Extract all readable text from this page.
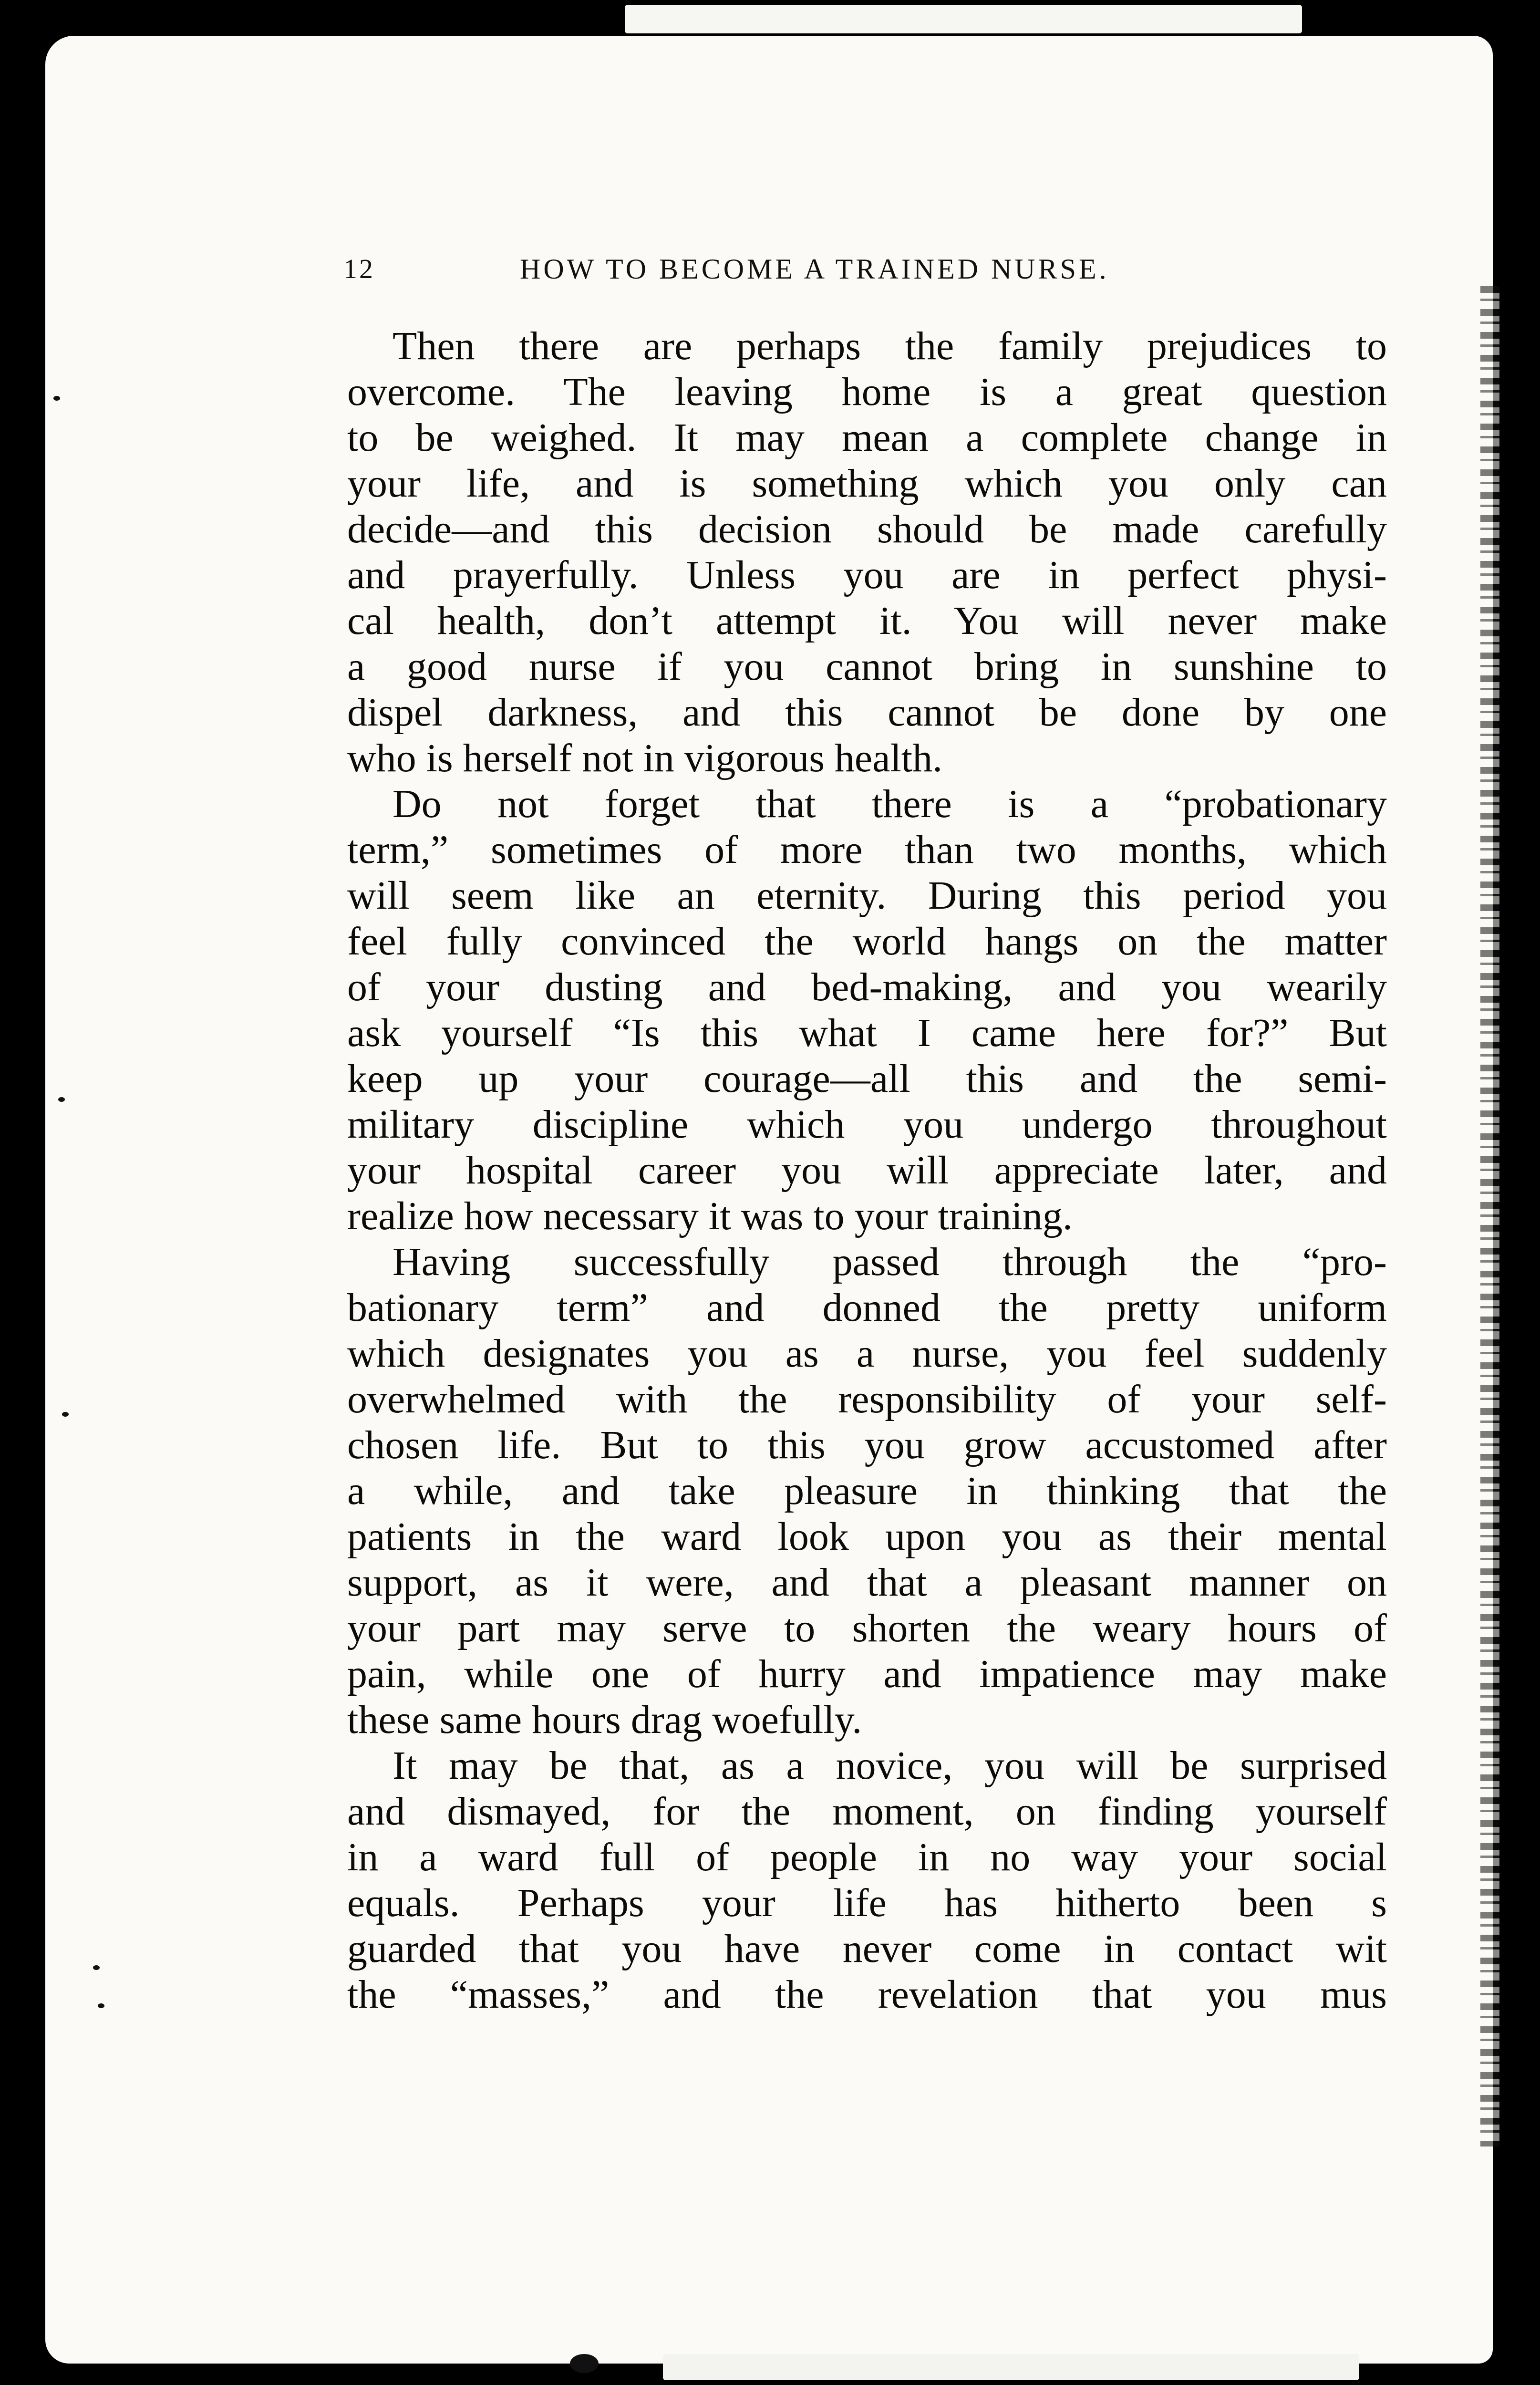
12	HOW TO BECOME A TRAINED NURSE.
Then there are perhaps the family prejudices to
overcome. The leaving home is a great question
to be weighed. It may mean a complete change in
your life, and is something which you only can
decide—and this decision should be made carefully
and prayerfully. Unless you are in perfect physi-
cal health, don’t attempt it. You will never make
a good nurse if you cannot bring in sunshine to
dispel darkness, and this cannot be done by one
who is herself not in vigorous health.
Do not forget that there is a “probationary
term,” sometimes of more than two months, which
will seem like an eternity. During this period you
feel fully convinced the world hangs on the matter
of your dusting and bed-making, and you wearily
ask yourself “Is this what I came here for?” But
keep up your courage—all this and the semi-
military discipline which you undergo throughout
your hospital career you will appreciate later, and
realize how necessary it was to your training.
Having successfully passed through the “pro-
bationary term” and donned the pretty uniform
which designates you as a nurse, you feel suddenly
overwhelmed with the responsibility of your self-
chosen life. But to this you grow accustomed after
a while, and take pleasure in thinking that the
patients in the ward look upon you as their mental
support, as it were, and that a pleasant manner on
your part may serve to shorten the weary hours of
pain, while one of hurry and impatience may make
these same hours drag woefully.
It may be that, as a novice, you will be surprised
and dismayed, for the moment, on finding yourself
in a ward full of people in no way your social
equals. Perhaps your life has hitherto been s
guarded that you have never come in contact wit
the “masses,” and the revelation that you mus
